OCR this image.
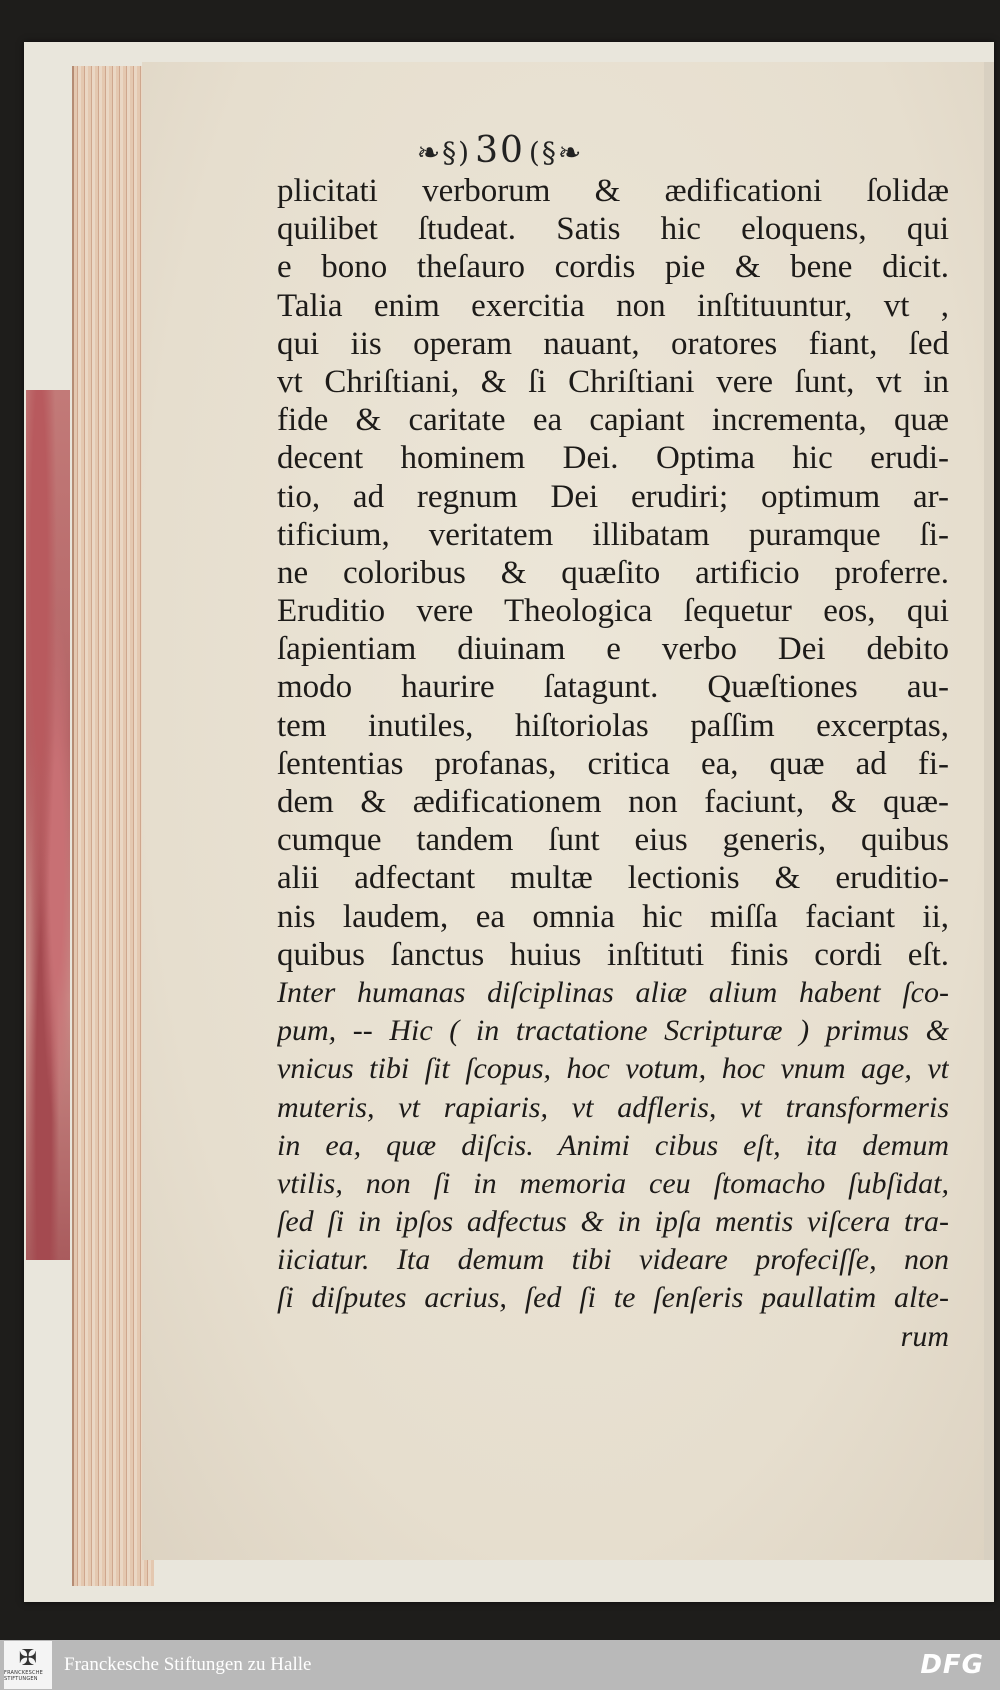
❧§) 30 (§❧
plicitati verborum & ædificationi ſolidæ
quilibet ſtudeat. Satis hic eloquens, qui
e bono theſauro cordis pie & bene dicit.
Talia enim exercitia non inſtituuntur, vt ,
qui iis operam nauant, oratores fiant, ſed
vt Chriſtiani, & ſi Chriſtiani vere ſunt, vt in
fide & caritate ea capiant incrementa, quæ
decent hominem Dei. Optima hic erudi-
tio, ad regnum Dei erudiri; optimum ar-
tificium, veritatem illibatam puramque ſi-
ne coloribus & quæſito artificio proferre.
Eruditio vere Theologica ſequetur eos, qui
ſapientiam diuinam e verbo Dei debito
modo haurire ſatagunt. Quæſtiones au-
tem inutiles, hiſtoriolas paſſim excerptas,
ſententias profanas, critica ea, quæ ad fi-
dem & ædificationem non faciunt, & quæ-
cumque tandem ſunt eius generis, quibus
alii adfectant multæ lectionis & eruditio-
nis laudem, ea omnia hic miſſa faciant ii,
quibus ſanctus huius inſtituti finis cordi eſt.
Inter humanas diſciplinas aliæ alium habent ſco-
pum, -- Hic ( in tractatione Scripturæ ) primus &
vnicus tibi ſit ſcopus, hoc votum, hoc vnum age, vt
muteris, vt rapiaris, vt adfleris, vt transformeris
in ea, quæ diſcis. Animi cibus eſt, ita demum
vtilis, non ſi in memoria ceu ſtomacho ſubſidat,
ſed ſi in ipſos adfectus & in ipſa mentis viſcera tra-
iiciatur. Ita demum tibi videare profeciſſe, non
ſi diſputes acrius, ſed ſi te ſenſeris paullatim alte-
rum
✠
FRANCKESCHE STIFTUNGEN
Franckesche Stiftungen zu Halle	DFG
